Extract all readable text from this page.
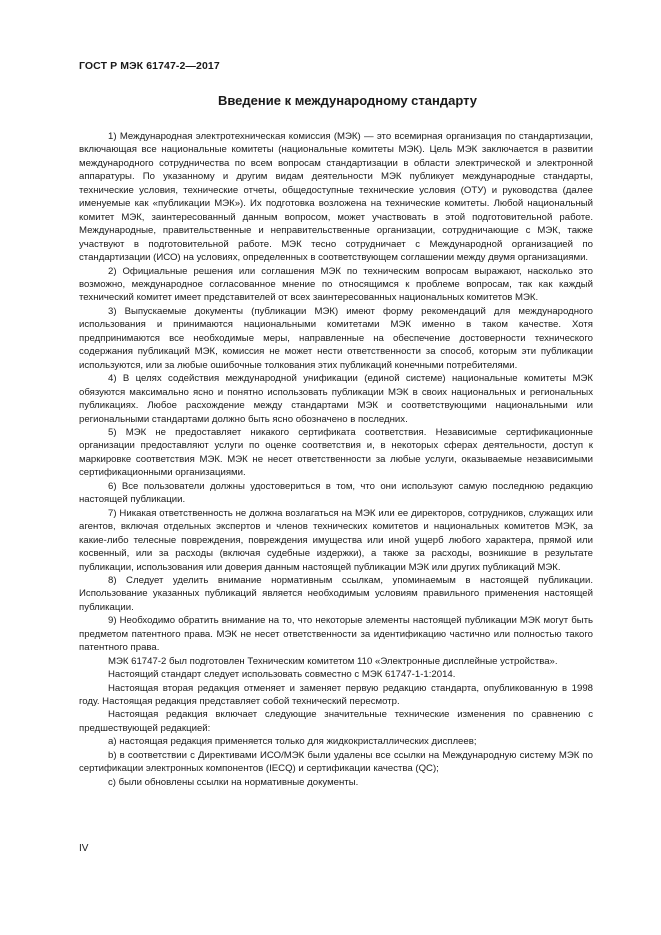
ГОСТ Р МЭК 61747-2—2017
Введение к международному стандарту

1) Международная электротехническая комиссия (МЭК) — это всемирная организация по стандартизации, включающая все национальные комитеты (национальные комитеты МЭК). Цель МЭК заключается в развитии международного сотрудничества по всем вопросам стандартизации в области электрической и электронной аппаратуры. По указанному и другим видам деятельности МЭК публикует международные стандарты, технические условия, технические отчеты, общедоступные технические условия (ОТУ) и руководства (далее именуемые как «публикации МЭК»). Их подготовка возложена на технические комитеты. Любой национальный комитет МЭК, заинтересованный данным вопросом, может участвовать в этой подготовительной работе. Международные, правительственные и неправительственные организации, сотрудничающие с МЭК, также участвуют в подготовительной работе. МЭК тесно сотрудничает с Международной организацией по стандартизации (ИСО) на условиях, определенных в соответствующем соглашении между двумя организациями.

2) Официальные решения или соглашения МЭК по техническим вопросам выражают, насколько это возможно, международное согласованное мнение по относящимся к проблеме вопросам, так как каждый технический комитет имеет представителей от всех заинтересованных национальных комитетов МЭК.

3) Выпускаемые документы (публикации МЭК) имеют форму рекомендаций для международного использования и принимаются национальными комитетами МЭК именно в таком качестве. Хотя предпринимаются все необходимые меры, направленные на обеспечение достоверности технического содержания публикаций МЭК, комиссия не может нести ответственности за способ, которым эти публикации используются, или за любые ошибочные толкования этих публикаций конечными потребителями.

4) В целях содействия международной унификации (единой системе) национальные комитеты МЭК обязуются максимально ясно и понятно использовать публикации МЭК в своих национальных и региональных публикациях. Любое расхождение между стандартами МЭК и соответствующими национальными или региональными стандартами должно быть ясно обозначено в последних.

5) МЭК не предоставляет никакого сертификата соответствия. Независимые сертификационные организации предоставляют услуги по оценке соответствия и, в некоторых сферах деятельности, доступ к маркировке соответствия МЭК. МЭК не несет ответственности за любые услуги, оказываемые независимыми сертификационными организациями.

6) Все пользователи должны удостовериться в том, что они используют самую последнюю редакцию настоящей публикации.

7) Никакая ответственность не должна возлагаться на МЭК или ее директоров, сотрудников, служащих или агентов, включая отдельных экспертов и членов технических комитетов и национальных комитетов МЭК, за какие-либо телесные повреждения, повреждения имущества или иной ущерб любого характера, прямой или косвенный, или за расходы (включая судебные издержки), а также за расходы, возникшие в результате публикации, использования или доверия данным настоящей публикации МЭК или других публикаций МЭК.

8) Следует уделить внимание нормативным ссылкам, упоминаемым в настоящей публикации. Использование указанных публикаций является необходимым условиям правильного применения настоящей публикации.

9) Необходимо обратить внимание на то, что некоторые элементы настоящей публикации МЭК могут быть предметом патентного права. МЭК не несет ответственности за идентификацию частично или полностью такого патентного права.

МЭК 61747-2 был подготовлен Техническим комитетом 110 «Электронные дисплейные устройства».

Настоящий стандарт следует использовать совместно с МЭК 61747-1-1:2014.

Настоящая вторая редакция отменяет и заменяет первую редакцию стандарта, опубликованную в 1998 году. Настоящая редакция представляет собой технический пересмотр.

Настоящая редакция включает следующие значительные технические изменения по сравнению с предшествующей редакцией:

a) настоящая редакция применяется только для жидкокристаллических дисплеев;

b) в соответствии с Директивами ИСО/МЭК были удалены все ссылки на Международную систему МЭК по сертификации электронных компонентов (IECQ) и сертификации качества (QC);

c) были обновлены ссылки на нормативные документы.

IV
